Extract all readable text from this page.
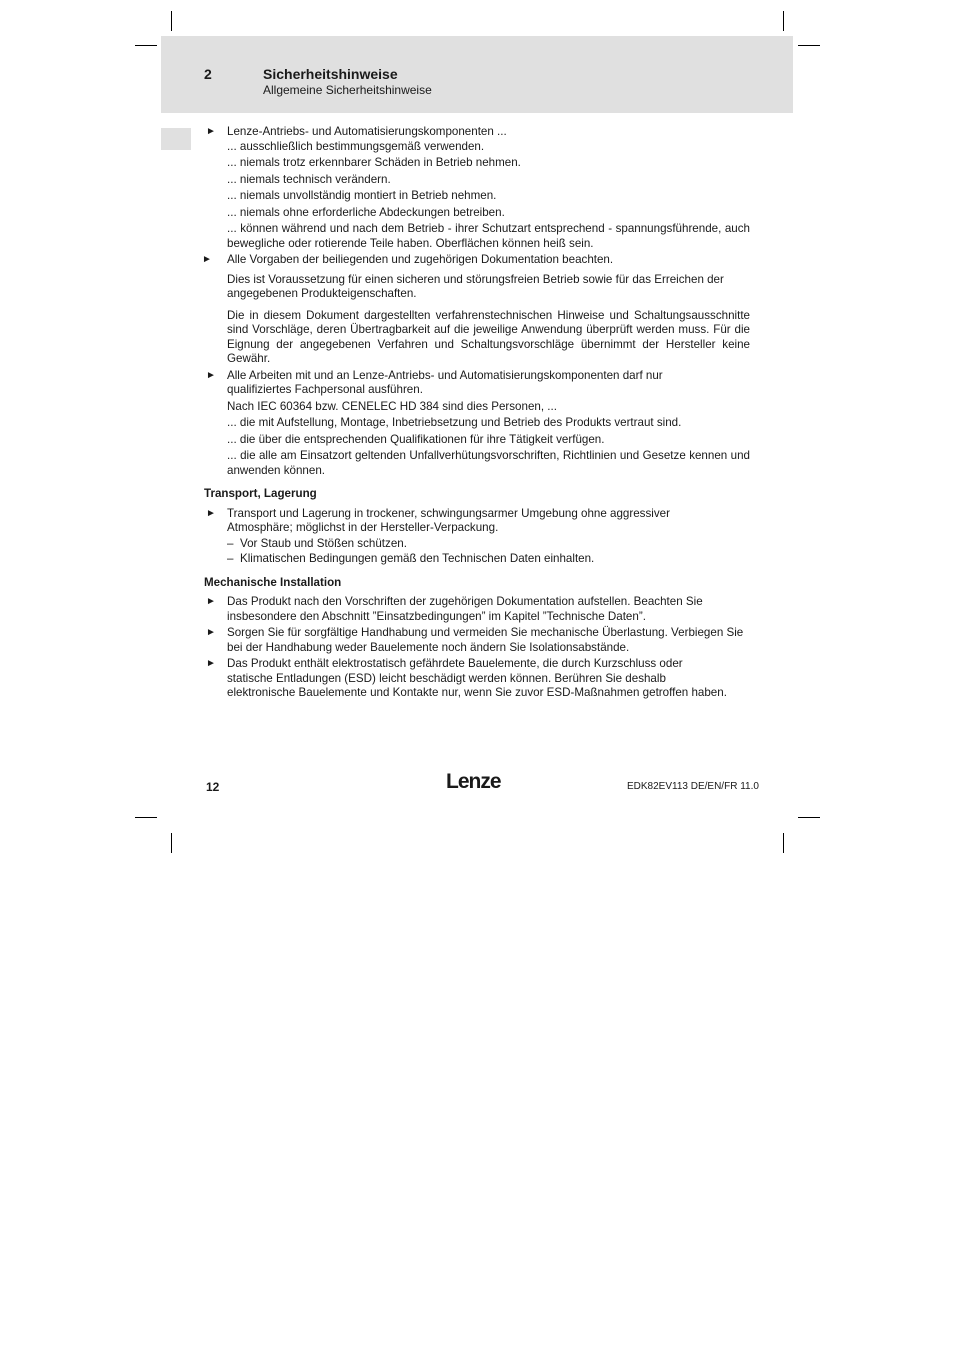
2	Sicherheitshinweise
Allgemeine Sicherheitshinweise

► Lenze-Antriebs- und Automatisierungskomponenten ...

... ausschließlich bestimmungsgemäß verwenden.

... niemals trotz erkennbarer Schäden in Betrieb nehmen.

... niemals technisch verändern.

... niemals unvollständig montiert in Betrieb nehmen.

... niemals ohne erforderliche Abdeckungen betreiben.

... können während und nach dem Betrieb - ihrer Schutzart entsprechend - spannungsführende, auch bewegliche oder rotierende Teile haben. Oberflächen können heiß sein.

► Alle Vorgaben der beiliegenden und zugehörigen Dokumentation beachten.

Dies ist Voraussetzung für einen sicheren und störungsfreien Betrieb sowie für das Erreichen der angegebenen Produkteigenschaften.

Die in diesem Dokument dargestellten verfahrenstechnischen Hinweise und Schaltungsausschnitte sind Vorschläge, deren Übertragbarkeit auf die jeweilige Anwendung überprüft werden muss. Für die Eignung der angegebenen Verfahren und Schaltungsvorschläge übernimmt der Hersteller keine Gewähr.

► Alle Arbeiten mit und an Lenze-Antriebs- und Automatisierungskomponenten darf nur qualifiziertes Fachpersonal ausführen.

Nach IEC 60364 bzw. CENELEC HD 384 sind dies Personen, ...

... die mit Aufstellung, Montage, Inbetriebsetzung und Betrieb des Produkts vertraut sind.

... die über die entsprechenden Qualifikationen für ihre Tätigkeit verfügen.

... die alle am Einsatzort geltenden Unfallverhütungsvorschriften, Richtlinien und Gesetze kennen und anwenden können.

Transport, Lagerung

► Transport und Lagerung in trockener, schwingungsarmer Umgebung ohne aggressiver Atmosphäre; möglichst in der Hersteller-Verpackung.

– Vor Staub und Stößen schützen.

– Klimatischen Bedingungen gemäß den Technischen Daten einhalten.

Mechanische Installation

► Das Produkt nach den Vorschriften der zugehörigen Dokumentation aufstellen. Beachten Sie insbesondere den Abschnitt ”Einsatzbedingungen” im Kapitel ”Technische Daten”.

► Sorgen Sie für sorgfältige Handhabung und vermeiden Sie mechanische Überlastung. Verbiegen Sie bei der Handhabung weder Bauelemente noch ändern Sie Isolationsabstände.

► Das Produkt enthält elektrostatisch gefährdete Bauelemente, die durch Kurzschluss oder statische Entladungen (ESD) leicht beschädigt werden können. Berühren Sie deshalb elektronische Bauelemente und Kontakte nur, wenn Sie zuvor ESD-Maßnahmen getroffen haben.

12	Lenze	EDK82EV113 DE/EN/FR 11.0
